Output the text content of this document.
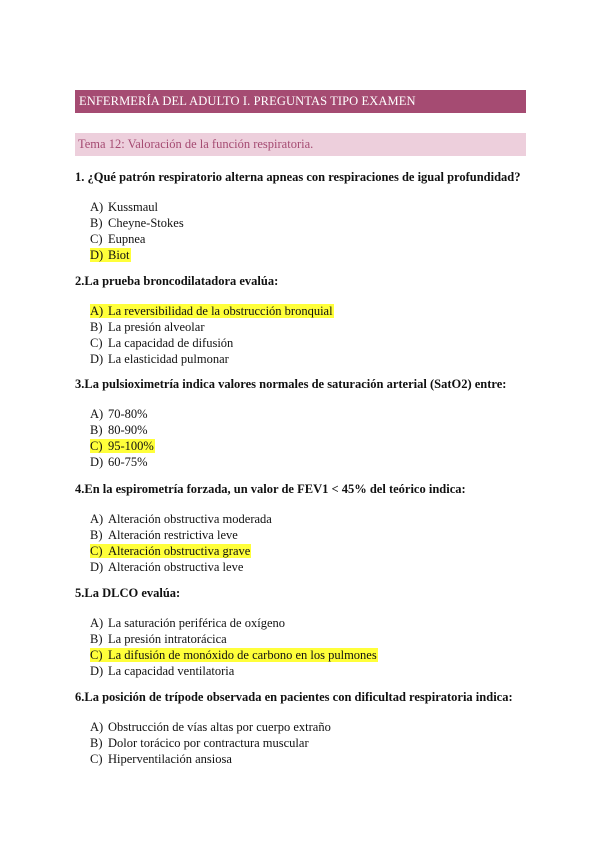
ENFERMERÍA DEL ADULTO I. PREGUNTAS TIPO EXAMEN
Tema 12: Valoración de la función respiratoria.
1. ¿Qué patrón respiratorio alterna apneas con respiraciones de igual profundidad?
A) Kussmaul
B) Cheyne-Stokes
C) Eupnea
D) Biot
2.La prueba broncodilatadora evalúa:
A) La reversibilidad de la obstrucción bronquial
B) La presión alveolar
C) La capacidad de difusión
D) La elasticidad pulmonar
3.La pulsioximetría indica valores normales de saturación arterial (SatO2) entre:
A) 70-80%
B) 80-90%
C) 95-100%
D) 60-75%
4.En la espirometría forzada, un valor de FEV1 < 45% del teórico indica:
A) Alteración obstructiva moderada
B) Alteración restrictiva leve
C) Alteración obstructiva grave
D) Alteración obstructiva leve
5.La DLCO evalúa:
A) La saturación periférica de oxígeno
B) La presión intratorácica
C) La difusión de monóxido de carbono en los pulmones
D) La capacidad ventilatoria
6.La posición de trípode observada en pacientes con dificultad respiratoria indica:
A) Obstrucción de vías altas por cuerpo extraño
B) Dolor torácico por contractura muscular
C) Hiperventilación ansiosa
